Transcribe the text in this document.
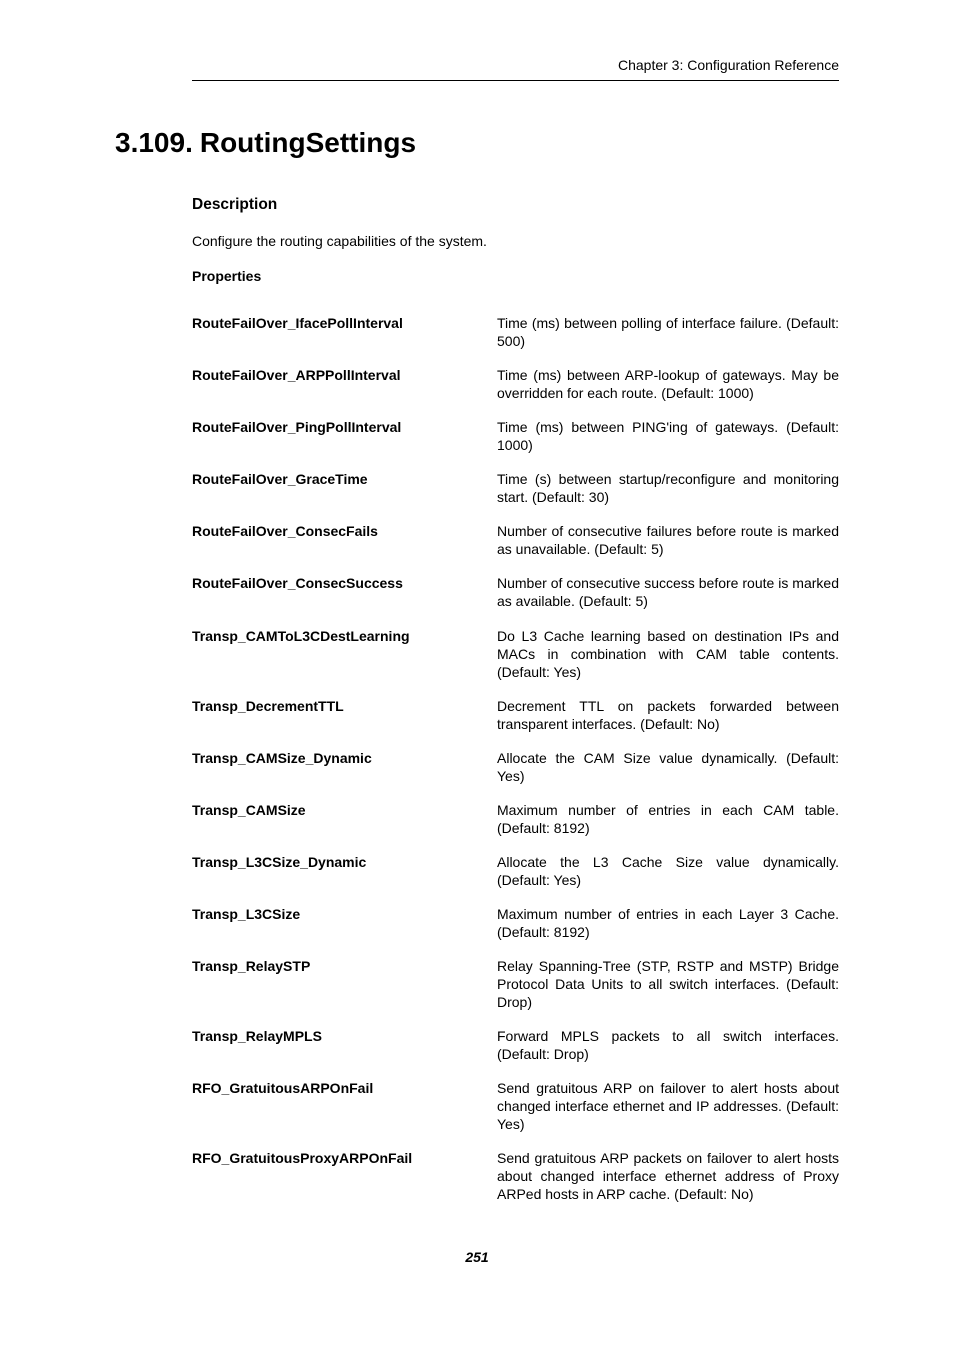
Chapter 3: Configuration Reference
3.109. RoutingSettings
Description
Configure the routing capabilities of the system.
Properties
RouteFailOver_IfacePollInterval	Time (ms) between polling of interface failure. (Default: 500)
RouteFailOver_ARPPollInterval	Time (ms) between ARP-lookup of gateways. May be overridden for each route. (Default: 1000)
RouteFailOver_PingPollInterval	Time (ms) between PING'ing of gateways. (Default: 1000)
RouteFailOver_GraceTime	Time (s) between startup/reconfigure and monitoring start. (Default: 30)
RouteFailOver_ConsecFails	Number of consecutive failures before route is marked as unavailable. (Default: 5)
RouteFailOver_ConsecSuccess	Number of consecutive success before route is marked as available. (Default: 5)
Transp_CAMToL3CDestLearning	Do L3 Cache learning based on destination IPs and MACs in combination with CAM table contents. (Default: Yes)
Transp_DecrementTTL	Decrement TTL on packets forwarded between transparent interfaces. (Default: No)
Transp_CAMSize_Dynamic	Allocate the CAM Size value dynamically. (Default: Yes)
Transp_CAMSize	Maximum number of entries in each CAM table. (Default: 8192)
Transp_L3CSize_Dynamic	Allocate the L3 Cache Size value dynamically. (Default: Yes)
Transp_L3CSize	Maximum number of entries in each Layer 3 Cache. (Default: 8192)
Transp_RelaySTP	Relay Spanning-Tree (STP, RSTP and MSTP) Bridge Protocol Data Units to all switch interfaces. (Default: Drop)
Transp_RelayMPLS	Forward MPLS packets to all switch interfaces. (Default: Drop)
RFO_GratuitousARPOnFail	Send gratuitous ARP on failover to alert hosts about changed interface ethernet and IP addresses. (Default: Yes)
RFO_GratuitousProxyARPOnFail	Send gratuitous ARP packets on failover to alert hosts about changed interface ethernet address of Proxy ARPed hosts in ARP cache. (Default: No)
251
